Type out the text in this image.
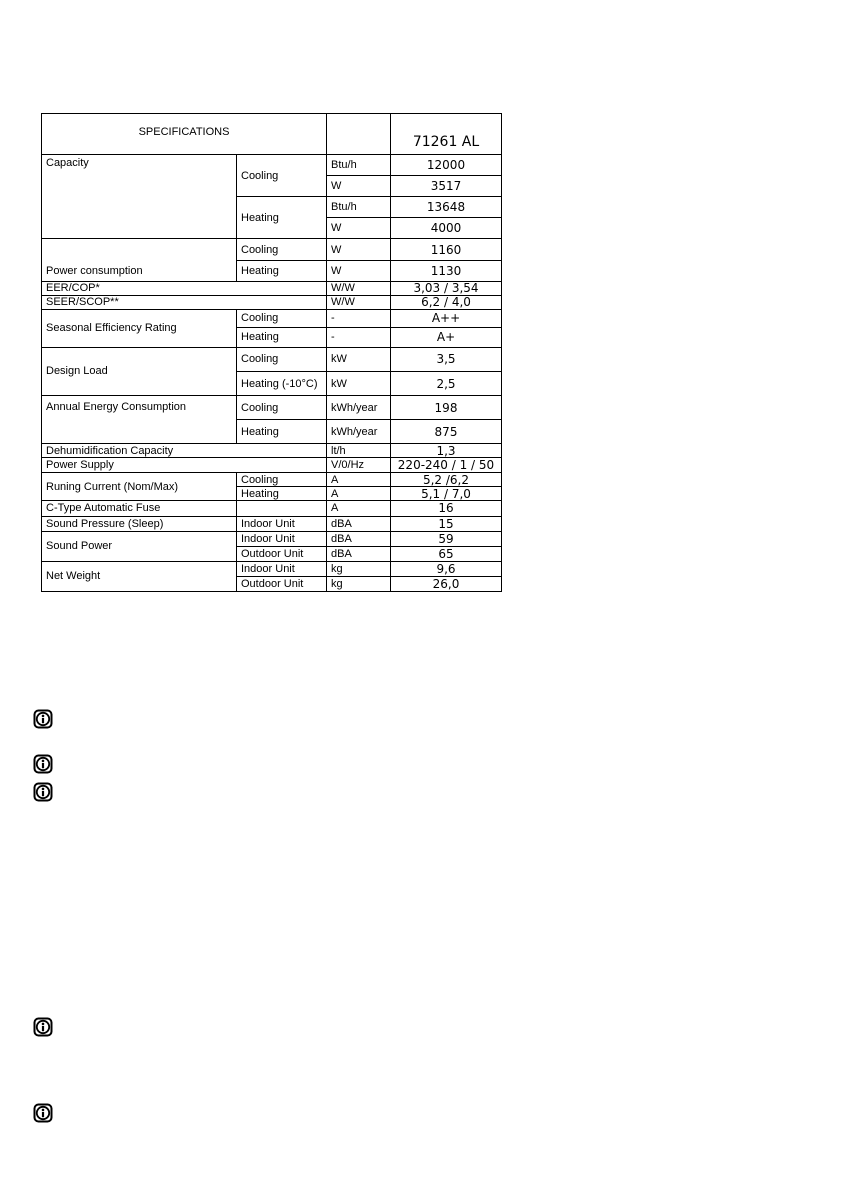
SPECIFICATIONS			71261 AL
Capacity	Cooling	Btu/h	12000
		W	3517
	Heating	Btu/h	13648
		W	4000
Power consumption	Cooling	W	1160
	Heating	W	1130
EER/COP*		W/W	3,03 / 3,54
SEER/SCOP**		W/W	6,2 / 4,0
Seasonal Efficiency Rating	Cooling	-	A++
	Heating	-	A+
Design Load	Cooling	kW	3,5
	Heating (-10°C)	kW	2,5
Annual Energy Consumption	Cooling	kWh/year	198
	Heating	kWh/year	875
Dehumidification Capacity		lt/h	1,3
Power Supply		V/0/Hz	220-240 / 1 / 50
Runing Current (Nom/Max)	Cooling	A	5,2 /6,2
	Heating	A	5,1 / 7,0
C-Type Automatic Fuse		A	16
Sound Pressure (Sleep)	Indoor Unit	dBA	15
Sound Power	Indoor Unit	dBA	59
	Outdoor Unit	dBA	65
Net Weight	Indoor Unit	kg	9,6
	Outdoor Unit	kg	26,0
